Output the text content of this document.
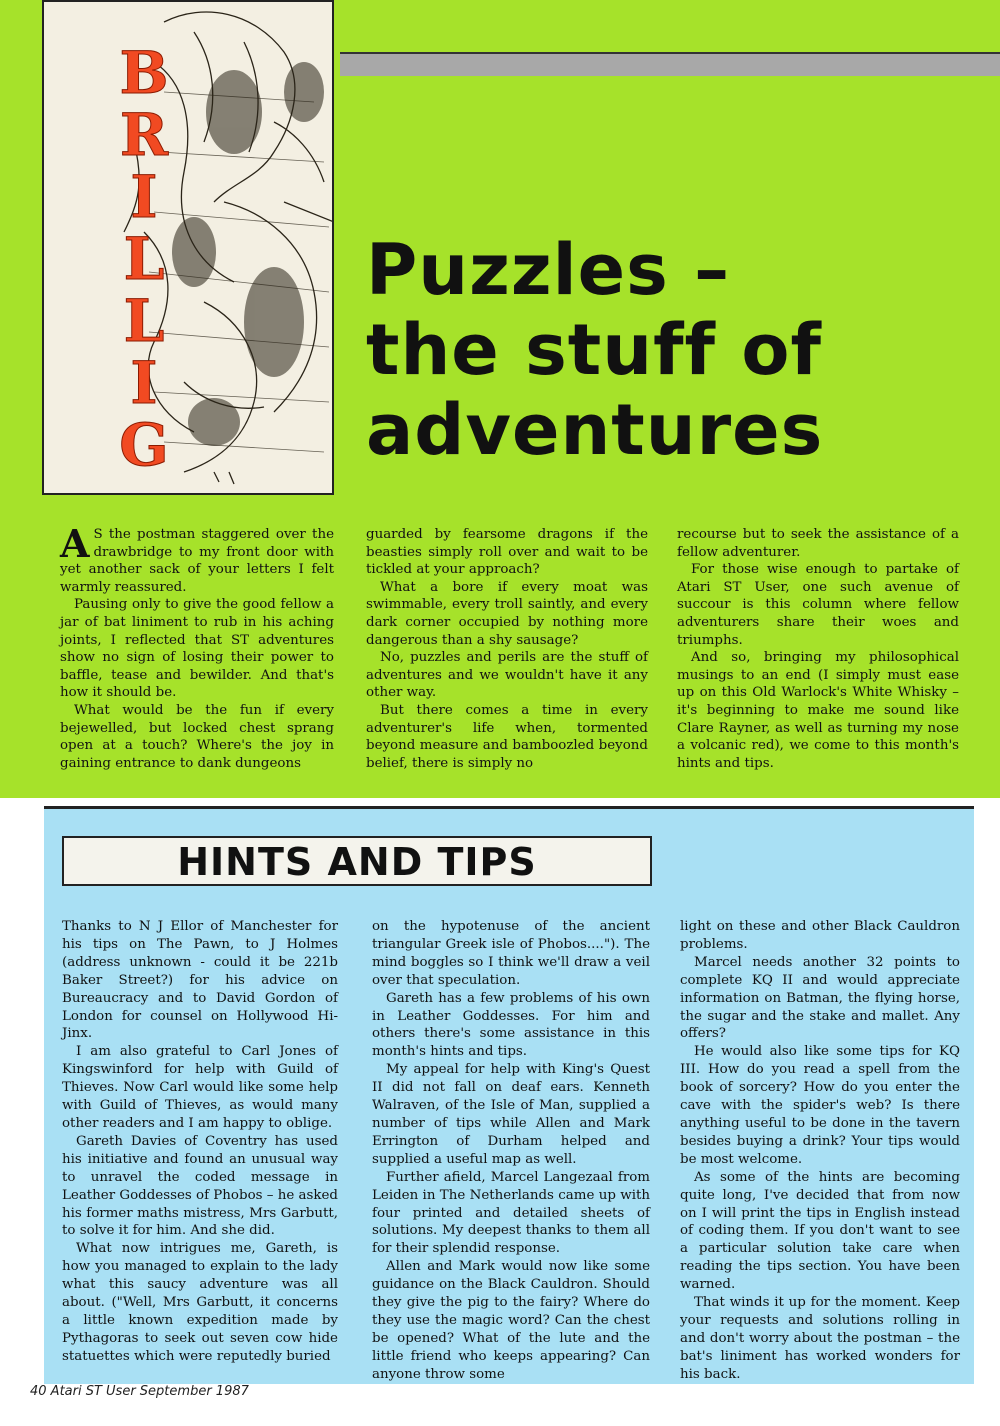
B
R
I
L
L
I
G
Puzzles –
the stuff of
adventures

A S the postman staggered over the drawbridge to my front door with yet another sack of your letters I felt warmly reassured.

Pausing only to give the good fellow a jar of bat liniment to rub in his aching joints, I reflected that ST adventures show no sign of losing their power to baffle, tease and bewilder. And that's how it should be.

What would be the fun if every bejewelled, but locked chest sprang open at a touch? Where's the joy in gaining entrance to dank dungeons

guarded by fearsome dragons if the beasties simply roll over and wait to be tickled at your approach?

What a bore if every moat was swimmable, every troll saintly, and every dark corner occupied by nothing more dangerous than a shy sausage?

No, puzzles and perils are the stuff of adventures and we wouldn't have it any other way.

But there comes a time in every adventurer's life when, tormented beyond measure and bamboozled beyond belief, there is simply no

recourse but to seek the assistance of a fellow adventurer.

For those wise enough to partake of Atari ST User, one such avenue of succour is this column where fellow adventurers share their woes and triumphs.

And so, bringing my philosophical musings to an end (I simply must ease up on this Old Warlock's White Whisky – it's beginning to make me sound like Clare Rayner, as well as turning my nose a volcanic red), we come to this month's hints and tips.

HINTS AND TIPS

Thanks to N J Ellor of Manchester for his tips on The Pawn, to J Holmes (address unknown - could it be 221b Baker Street?) for his advice on Bureaucracy and to David Gordon of London for counsel on Hollywood Hi-Jinx.

I am also grateful to Carl Jones of Kingswinford for help with Guild of Thieves. Now Carl would like some help with Guild of Thieves, as would many other readers and I am happy to oblige.

Gareth Davies of Coventry has used his initiative and found an unusual way to unravel the coded message in Leather Goddesses of Phobos – he asked his former maths mistress, Mrs Garbutt, to solve it for him. And she did.

What now intrigues me, Gareth, is how you managed to explain to the lady what this saucy adventure was all about. ("Well, Mrs Garbutt, it concerns a little known expedition made by Pythagoras to seek out seven cow hide statuettes which were reputedly buried

on the hypotenuse of the ancient triangular Greek isle of Phobos...."). The mind boggles so I think we'll draw a veil over that speculation.

Gareth has a few problems of his own in Leather Goddesses. For him and others there's some assistance in this month's hints and tips.

My appeal for help with King's Quest II did not fall on deaf ears. Kenneth Walraven, of the Isle of Man, supplied a number of tips while Allen and Mark Errington of Durham helped and supplied a useful map as well.

Further afield, Marcel Langezaal from Leiden in The Netherlands came up with four printed and detailed sheets of solutions. My deepest thanks to them all for their splendid response.

Allen and Mark would now like some guidance on the Black Cauldron. Should they give the pig to the fairy? Where do they use the magic word? Can the chest be opened? What of the lute and the little friend who keeps appearing? Can anyone throw some

light on these and other Black Cauldron problems.

Marcel needs another 32 points to complete KQ II and would appreciate information on Batman, the flying horse, the sugar and the stake and mallet. Any offers?

He would also like some tips for KQ III. How do you read a spell from the book of sorcery? How do you enter the cave with the spider's web? Is there anything useful to be done in the tavern besides buying a drink? Your tips would be most welcome.

As some of the hints are becoming quite long, I've decided that from now on I will print the tips in English instead of coding them. If you don't want to see a particular solution take care when reading the tips section. You have been warned.

That winds it up for the moment. Keep your requests and solutions rolling in and don't worry about the postman – the bat's liniment has worked wonders for his back.

40 Atari ST User September 1987
